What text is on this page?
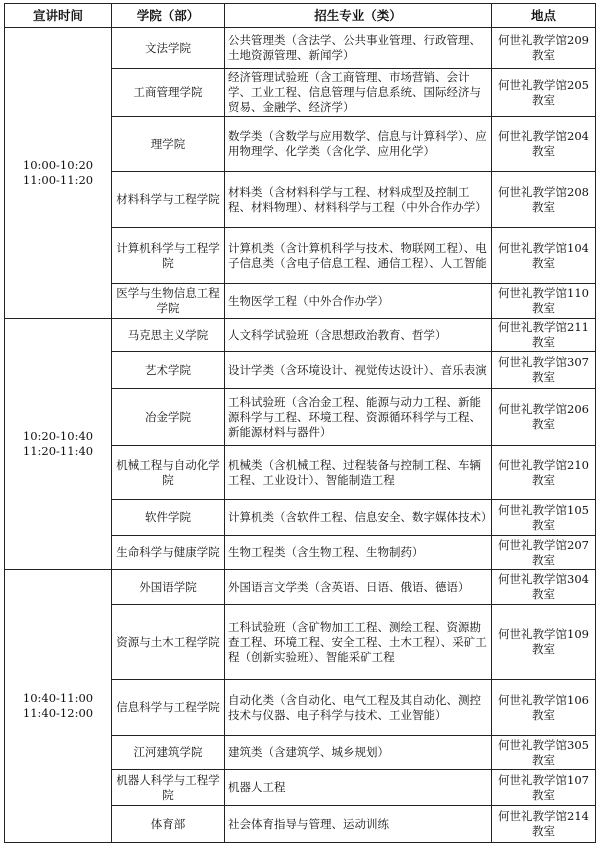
宣讲时间	学院（部）	招生专业（类）	地点

10:00-10:20
11:00-11:20	文法学院	公共管理类（含法学、公共事业管理、行政管理、土地资源管理、新闻学）	何世礼教学馆209 教室
	工商管理学院	经济管理试验班（含工商管理、市场营销、会计学、工业工程、信息管理与信息系统、国际经济与贸易、金融学、经济学）	何世礼教学馆205 教室
	理学院	数学类（含数学与应用数学、信息与计算科学）、应用物理学、化学类（含化学、应用化学）	何世礼教学馆204 教室
	材料科学与工程学院	材料类（含材料科学与工程、材料成型及控制工程、材料物理）、材料科学与工程（中外合作办学）	何世礼教学馆208 教室
	计算机科学与工程学院	计算机类（含计算机科学与技术、物联网工程）、电子信息类（含电子信息工程、通信工程）、人工智能	何世礼教学馆104 教室
	医学与生物信息工程学院	生物医学工程（中外合作办学）	何世礼教学馆110 教室

10:20-10:40
11:20-11:40	马克思主义学院	人文科学试验班（含思想政治教育、哲学）	何世礼教学馆211 教室
	艺术学院	设计学类（含环境设计、视觉传达设计）、音乐表演	何世礼教学馆307 教室
	冶金学院	工科试验班（含冶金工程、能源与动力工程、新能源科学与工程、环境工程、资源循环科学与工程、新能源材料与器件）	何世礼教学馆206 教室
	机械工程与自动化学院	机械类（含机械工程、过程装备与控制工程、车辆工程、工业设计）、智能制造工程	何世礼教学馆210 教室
	软件学院	计算机类（含软件工程、信息安全、数字媒体技术）	何世礼教学馆105 教室
	生命科学与健康学院	生物工程类（含生物工程、生物制药）	何世礼教学馆207 教室

10:40-11:00
11:40-12:00	外国语学院	外国语言文学类（含英语、日语、俄语、德语）	何世礼教学馆304 教室
	资源与土木工程学院	工科试验班（含矿物加工工程、测绘工程、资源勘查工程、环境工程、安全工程、土木工程）、采矿工程（创新实验班）、智能采矿工程	何世礼教学馆109 教室
	信息科学与工程学院	自动化类（含自动化、电气工程及其自动化、测控技术与仪器、电子科学与技术、工业智能）	何世礼教学馆106 教室
	江河建筑学院	建筑类（含建筑学、城乡规划）	何世礼教学馆305 教室
	机器人科学与工程学院	机器人工程	何世礼教学馆107 教室
	体育部	社会体育指导与管理、运动训练	何世礼教学馆214 教室
